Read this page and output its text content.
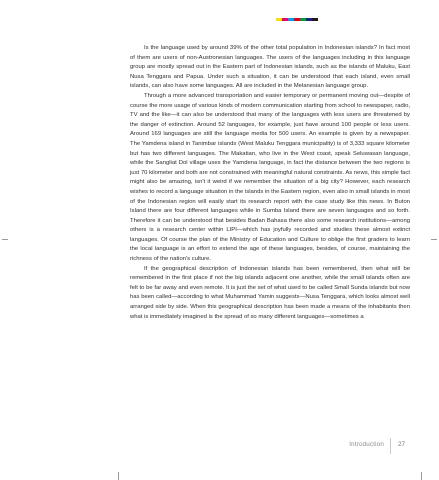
Is the language used by around 39% of the other total population in Indonesian islands? In fact most of them are users of non-Austronesian languages. The users of the languages including in this language group are mostly spread out in the Eastern part of Indonesian islands, such as the islands of Maluku, East Nusa Tenggara and Papua. Under such a situation, it can be understood that each island, even small islands, can also have some languages. All are included in the Melanesian language group.

Through a more advanced transportation and easier temporary or permanent moving out—despite of course the more usage of various kinds of modern communication starting from school to newspaper, radio, TV and the like—it can also be understood that many of the languages with less users are threatened by the danger of extinction. Around 52 languages, for example, just have around 100 people or less users. Around 169 languages are still the language media for 500 users. An example is given by a newspaper. The Yamdena island in Tanimbar islands (West Maluku Tenggara municipality) is of 3,333 square kilometer but has two different languages. The Makatian, who live in the West coast, speak Seluwasan language, while the Sangliat Dol village uses the Yamdena language, in fact the distance between the two regions is just 70 kilometer and both are not constrained with meaningful natural constraints. As news, this simple fact might also be amazing, isn't it weird if we remember the situation of a big city? However, each research wishes to record a language situation in the islands in the Eastern region, even also in small islands in most of the Indonesian region will easily start its research report with the case study like this news. In Buton Island there are four different languages while in Sumba Island there are seven languages and so forth. Therefore it can be understood that besides Badan Bahasa there also some research institutions—among others is a research center within LIPI—which has joyfully recorded and studies these almost extinct languages. Of course the plan of the Ministry of Education and Culture to oblige the first graders to learn the local language is an effort to extend the age of these languages, besides, of course, maintaining the richness of the nation's culture.

If the geographical description of Indonesian islands has been remembered, then what will be remembered in the first place if not the big islands adjacent one another, while the small islands often are felt to be far away and even remote. It is just the set of what used to be called Small Sunda islands but now has been called—according to what Muhammad Yamin suggests—Nusa Tenggara, which looks almost well arranged side by side. When this geographical description has been made a means of the inhabitants then what is immediately imagined is the spread of so many different languages—sometimes a

Introduction 27
